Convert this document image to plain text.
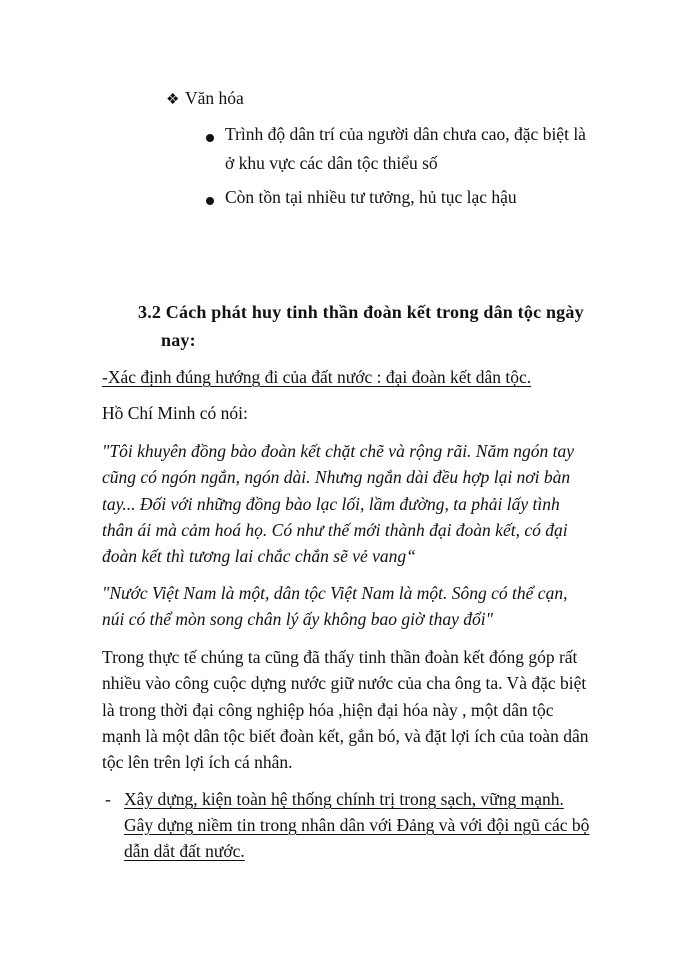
❖ Văn hóa
Trình độ dân trí của người dân chưa cao, đặc biệt là
ở khu vực các dân tộc thiểu số
Còn tồn tại nhiều tư tưởng, hủ tục lạc hậu
3.2 Cách phát huy tinh thần đoàn kết trong dân tộc ngày
nay:
-Xác định đúng hướng đi của đất nước : đại đoàn kết dân tộc.
Hồ Chí Minh có nói:
"Tôi khuyên đồng bào đoàn kết chặt chẽ và rộng rãi. Năm ngón tay
cũng có ngón ngắn, ngón dài. Nhưng ngắn dài đều hợp lại nơi bàn
tay... Đối với những đồng bào lạc lối, lầm đường, ta phải lấy tình
thân ái mà cảm hoá họ. Có như thế mới thành đại đoàn kết, có đại
đoàn kết thì tương lai chắc chắn sẽ vẻ vang“
"Nước Việt Nam là một, dân tộc Việt Nam là một. Sông có thể cạn,
núi có thể mòn song chân lý ấy không bao giờ thay đổi"
Trong thực tế chúng ta cũng đã thấy tinh thần đoàn kết đóng góp rất
nhiều vào công cuộc dựng nước giữ nước của cha ông ta. Và đặc biệt
là trong thời đại công nghiệp hóa ,hiện đại hóa này , một dân tộc
mạnh là một dân tộc biết đoàn kết, gắn bó, và đặt lợi ích của toàn dân
tộc lên trên lợi ích cá nhân.
- Xây dựng, kiện toàn hệ thống chính trị trong sạch, vững mạnh.
Gây dựng niềm tin trong nhân dân với Đảng và với đội ngũ các bộ
dẫn dắt đất nước.
